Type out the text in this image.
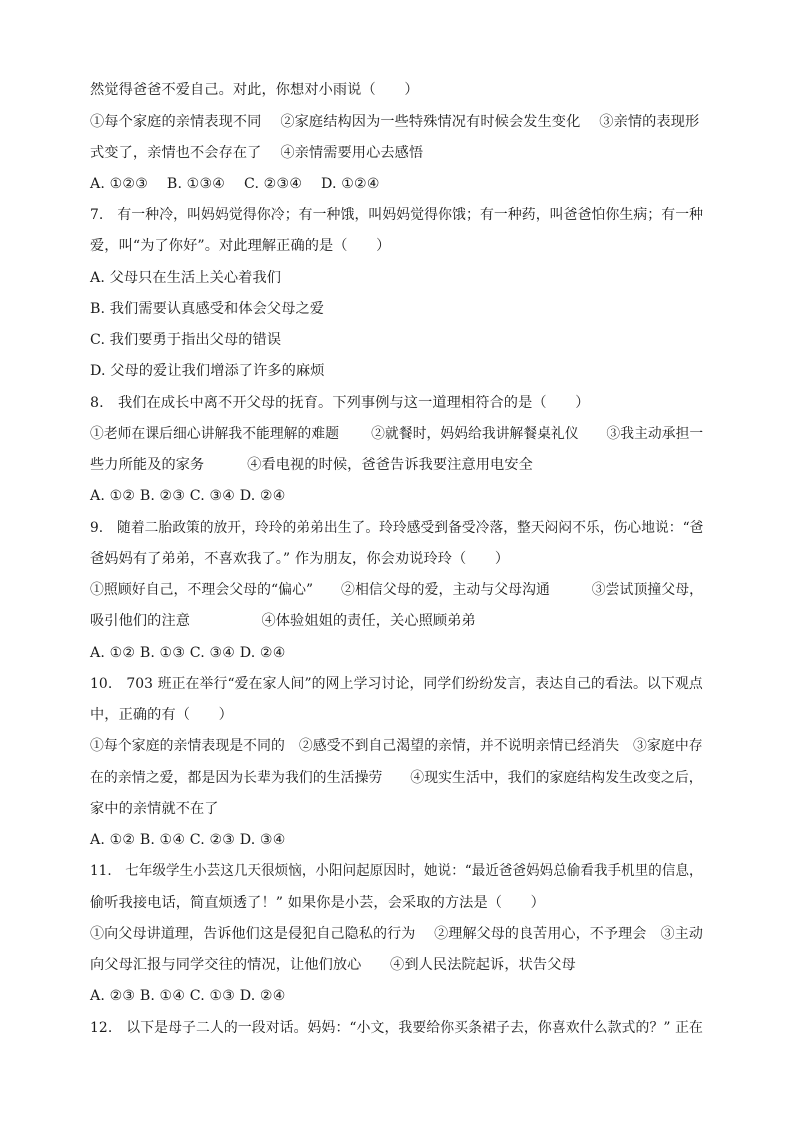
然觉得爸爸不爱自己。对此，你想对小雨说（　　）
①每个家庭的亲情表现不同　 ②家庭结构因为一些特殊情况有时候会发生变化　 ③亲情的表现形
式变了，亲情也不会存在了　 ④亲情需要用心去感悟
A. ①②③　 B. ①③④　 C. ②③④　 D. ①②④
7.　有一种冷，叫妈妈觉得你冷；有一种饿，叫妈妈觉得你饿；有一种药，叫爸爸怕你生病；有一种
爱，叫“为了你好”。对此理解正确的是（　　）
A. 父母只在生活上关心着我们
B. 我们需要认真感受和体会父母之爱
C. 我们要勇于指出父母的错误
D. 父母的爱让我们增添了许多的麻烦
8.　我们在成长中离不开父母的抚育。下列事例与这一道理相符合的是（　　）
①老师在课后细心讲解我不能理解的难题　　 ②就餐时，妈妈给我讲解餐桌礼仪　　③我主动承担一
些力所能及的家务　　　④看电视的时候，爸爸告诉我要注意用电安全
A. ①② B. ②③ C. ③④ D. ②④
9.　随着二胎政策的放开，玲玲的弟弟出生了。玲玲感受到备受冷落，整天闷闷不乐，伤心地说：“爸
爸妈妈有了弟弟，不喜欢我了。” 作为朋友，你会劝说玲玲（　　）
①照顾好自己，不理会父母的“偏心”　　②相信父母的爱，主动与父母沟通　　　③尝试顶撞父母，
吸引他们的注意　　　　　④体验姐姐的责任，关心照顾弟弟
A. ①② B. ①③ C. ③④ D. ②④
10.　703 班正在举行“爱在家人间”的网上学习讨论，同学们纷纷发言，表达自己的看法。以下观点
中，正确的有（　　）
①每个家庭的亲情表现是不同的　②感受不到自己渴望的亲情，并不说明亲情已经消失　③家庭中存
在的亲情之爱，都是因为长辈为我们的生活操劳　　④现实生活中，我们的家庭结构发生改变之后，
家中的亲情就不在了
A. ①② B. ①④ C. ②③ D. ③④
11.　七年级学生小芸这几天很烦恼，小阳问起原因时，她说：“最近爸爸妈妈总偷看我手机里的信息，
偷听我接电话，简直烦透了！” 如果你是小芸，会采取的方法是（　　）
①向父母讲道理，告诉他们这是侵犯自己隐私的行为　 ②理解父母的良苦用心，不予理会　③主动
向父母汇报与同学交往的情况，让他们放心　　④到人民法院起诉，状告父母
A. ②③ B. ①④ C. ①③ D. ②④
12.　以下是母子二人的一段对话。妈妈：“小文，我要给你买条裙子去，你喜欢什么款式的？” 正在
